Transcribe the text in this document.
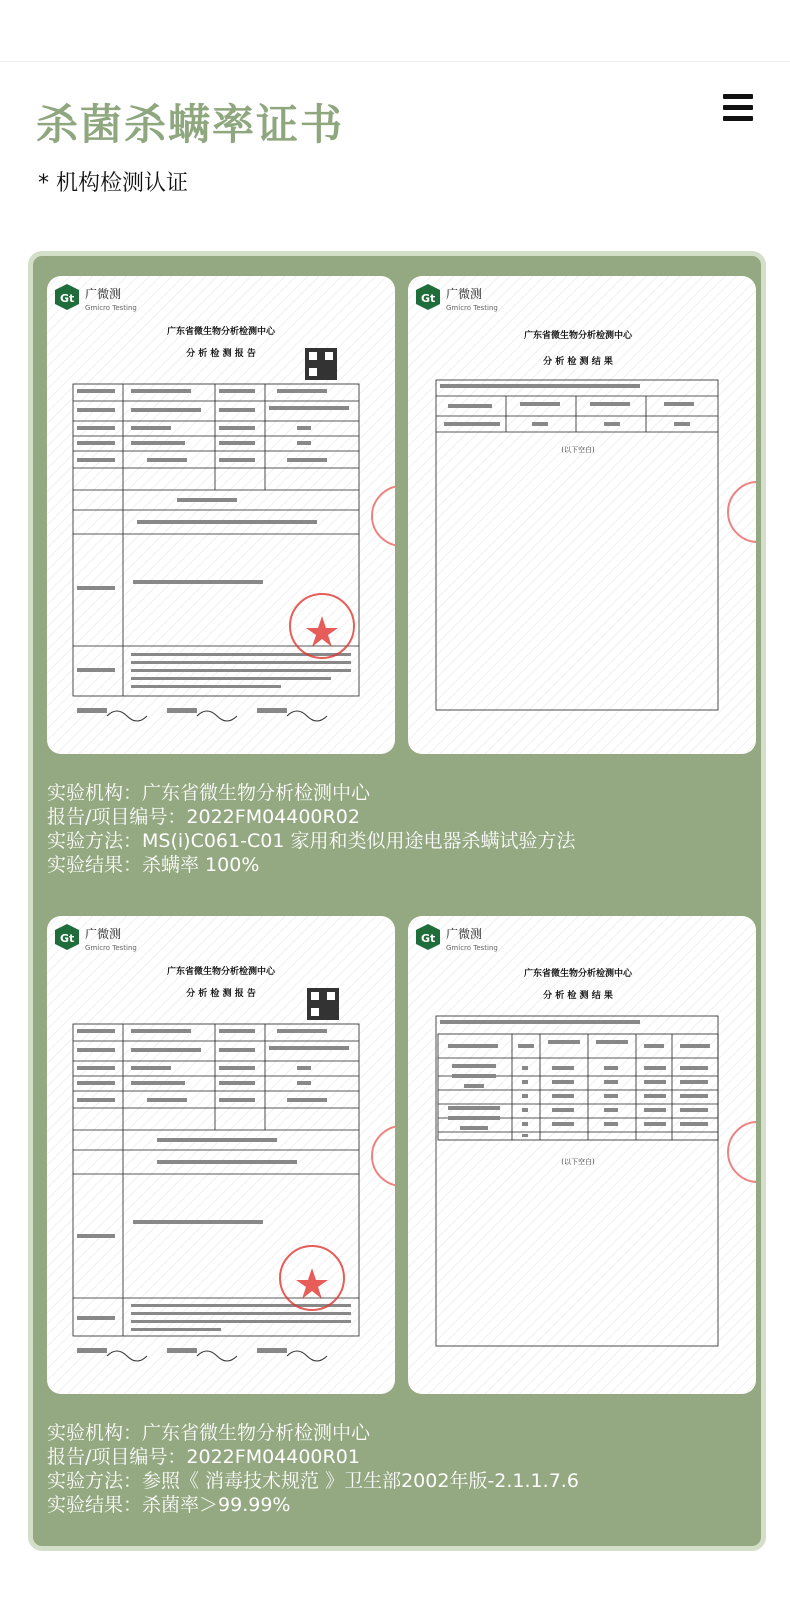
杀菌杀螨率证书
* 机构检测认证
Gt 广微测
Gmicro Testing
广东省微生物分析检测中心
分 析 检 测 报 告
Gt 广微测
Gmicro Testing
广东省微生物分析检测中心
分 析 检 测 结 果
(以下空白)
实验机构：广东省微生物分析检测中心
报告/项目编号：2022FM04400R02
实验方法：MS(i)C061-C01 家用和类似用途电器杀螨试验方法
实验结果：杀螨率 100%
Gt 广微测
Gmicro Testing
广东省微生物分析检测中心
分 析 检 测 报 告
Gt 广微测
Gmicro Testing
广东省微生物分析检测中心
分 析 检 测 结 果
(以下空白)
实验机构：广东省微生物分析检测中心
报告/项目编号：2022FM04400R01
实验方法：参照《 消毒技术规范 》卫生部2002年版-2.1.1.7.6
实验结果：杀菌率＞99.99%
